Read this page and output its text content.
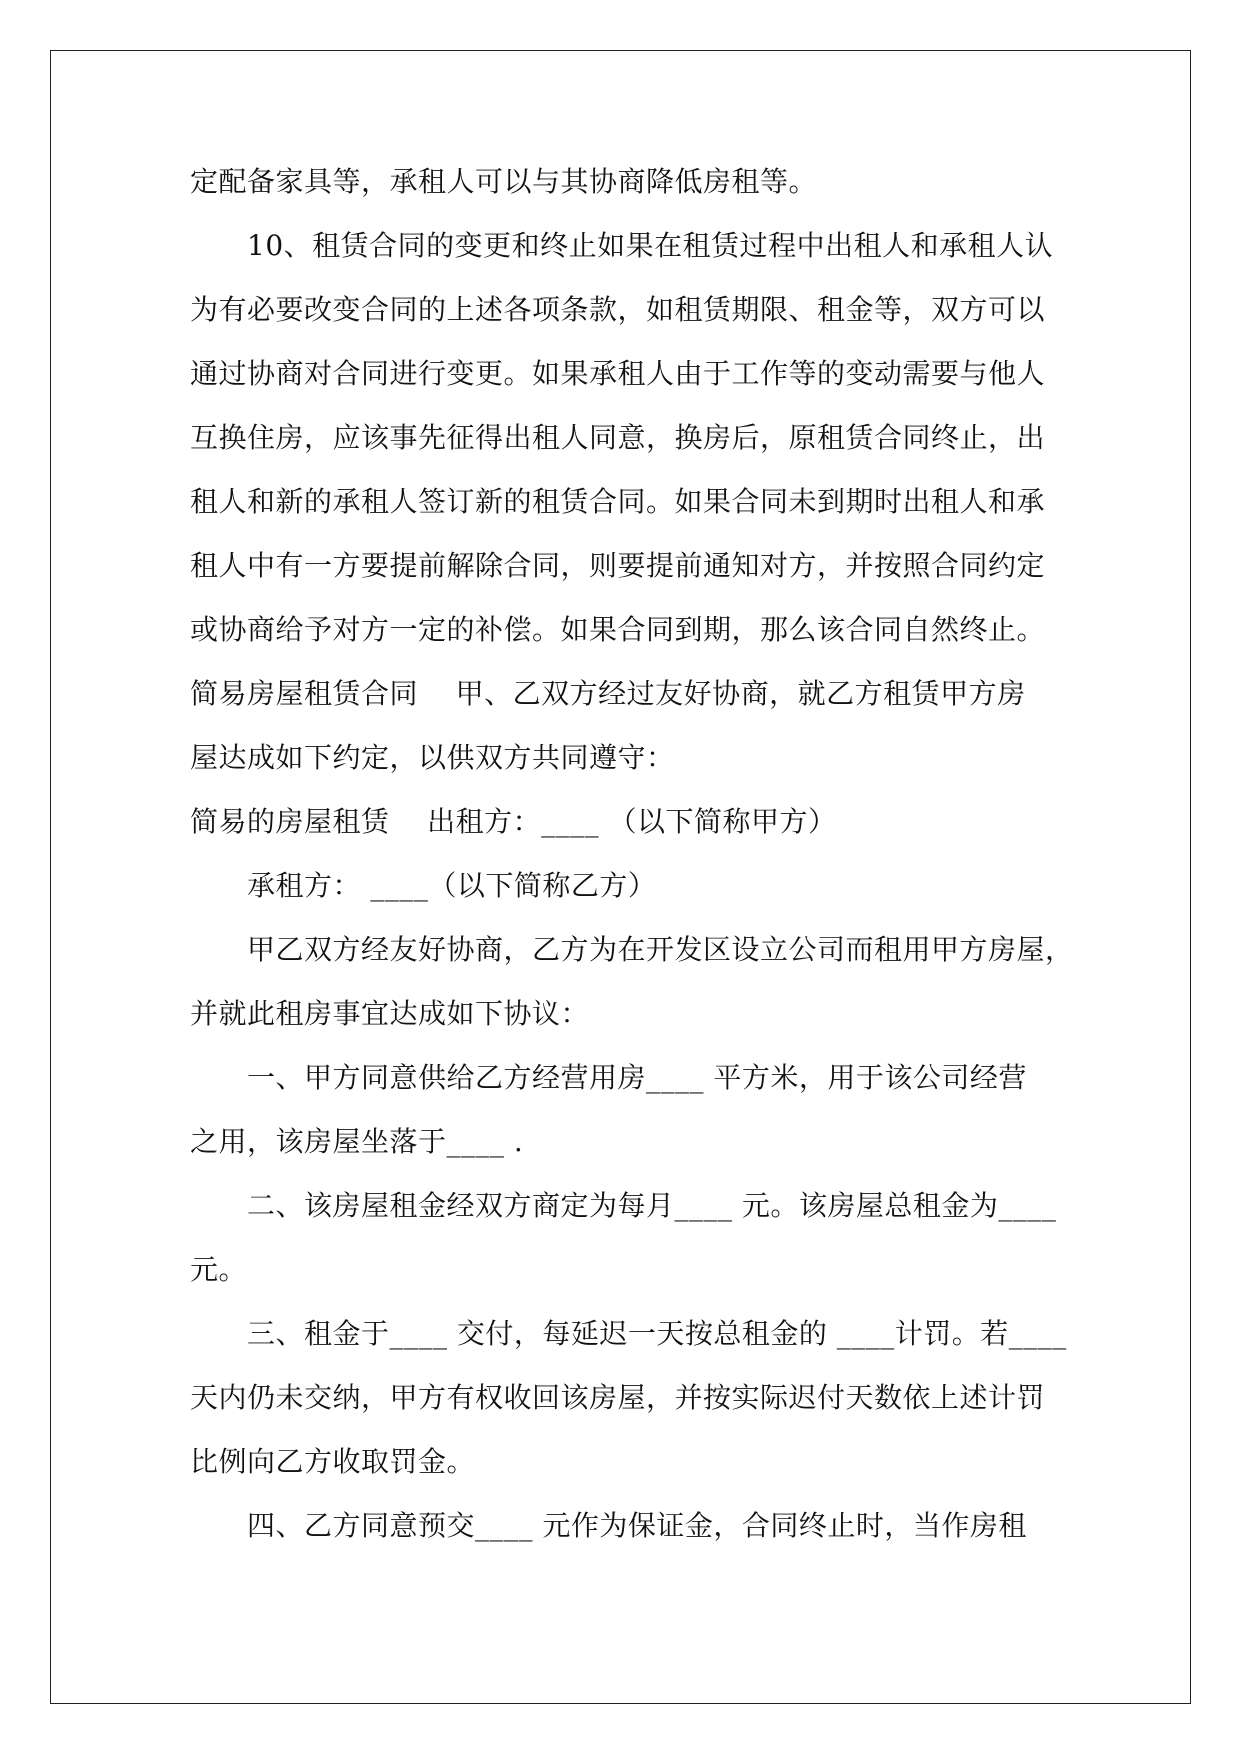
定配备家具等，承租人可以与其协商降低房租等。
10、租赁合同的变更和终止如果在租赁过程中出租人和承租人认
为有必要改变合同的上述各项条款，如租赁期限、租金等，双方可以
通过协商对合同进行变更。如果承租人由于工作等的变动需要与他人
互换住房，应该事先征得出租人同意，换房后，原租赁合同终止，出
租人和新的承租人签订新的租赁合同。如果合同未到期时出租人和承
租人中有一方要提前解除合同，则要提前通知对方，并按照合同约定
或协商给予对方一定的补偿。如果合同到期，那么该合同自然终止。
简易房屋租赁合同    甲、乙双方经过友好协商，就乙方租赁甲方房
屋达成如下约定，以供双方共同遵守：
简易的房屋租赁    出租方：____ （以下简称甲方）
承租方： ____（以下简称乙方）
甲乙双方经友好协商，乙方为在开发区设立公司而租用甲方房屋，
并就此租房事宜达成如下协议：
一、甲方同意供给乙方经营用房____ 平方米，用于该公司经营
之用，该房屋坐落于____ .
二、该房屋租金经双方商定为每月____ 元。该房屋总租金为____
元。
三、租金于____ 交付，每延迟一天按总租金的 ____计罚。若____
天内仍未交纳，甲方有权收回该房屋，并按实际迟付天数依上述计罚
比例向乙方收取罚金。
四、乙方同意预交____ 元作为保证金，合同终止时，当作房租
